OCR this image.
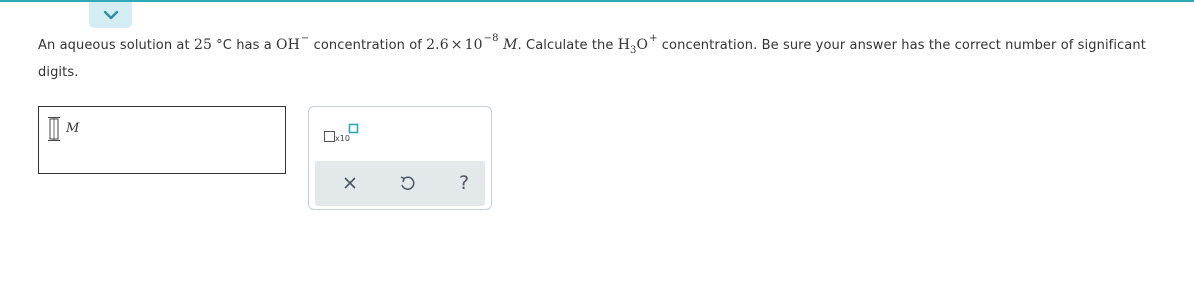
An aqueous solution at 25 °C has a OH− concentration of $2.6 \times 10^{-8}$ M. Calculate the $H_3O^+$ concentration. Be sure your answer has the correct number of significant digits.
M
x10
?
